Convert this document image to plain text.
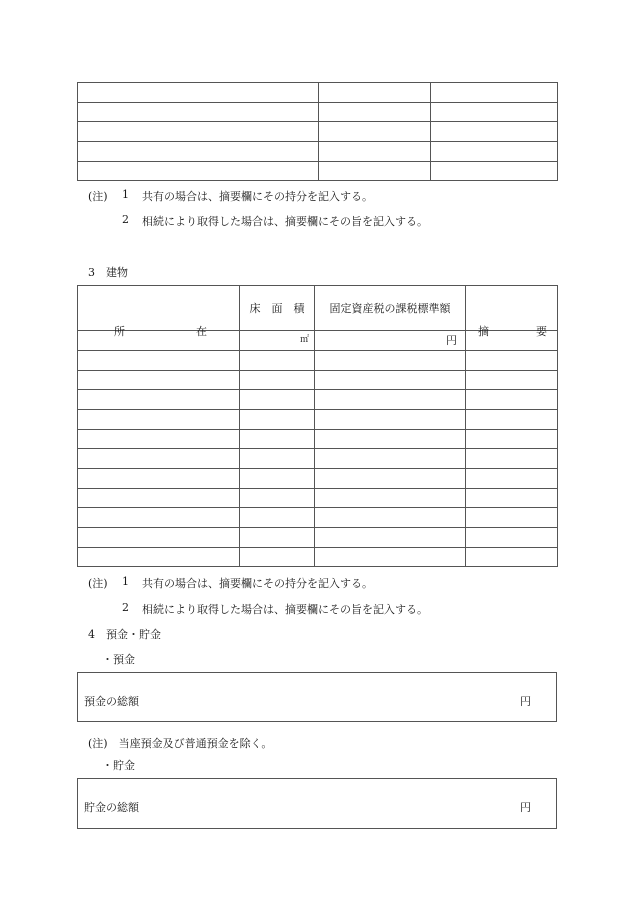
(注) 1 共有の場合は、摘要欄にその持分を記入する。
2 相続により取得した場合は、摘要欄にその旨を記入する。
3　建物
所 在	床　面　積	固定資産税の課税標準額	摘 要

	㎡	円	

(注) 1 共有の場合は、摘要欄にその持分を記入する。
2 相続により取得した場合は、摘要欄にその旨を記入する。
4　預金・貯金
・預金
預金の総額	円
(注)　当座預金及び普通預金を除く。
・貯金
貯金の総額	円
